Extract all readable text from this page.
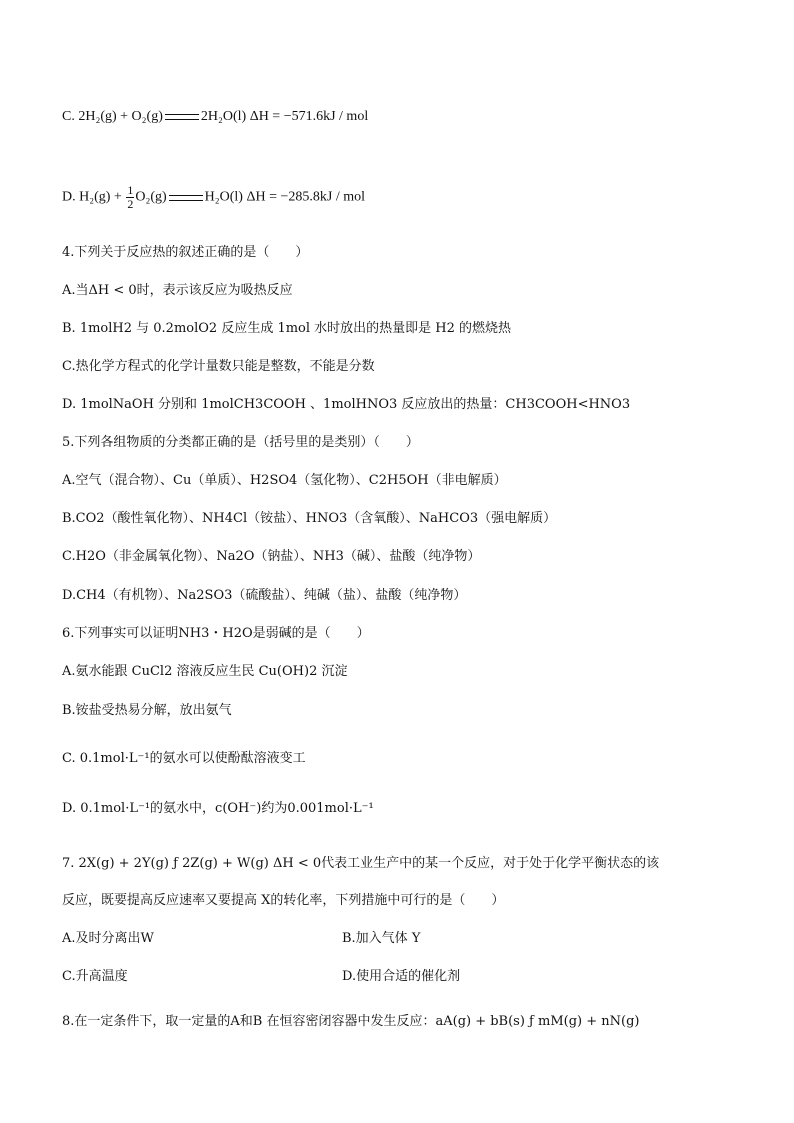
C. 2H₂(g) + O₂(g)	2H₂O(l) ΔH = −571.6kJ / mol
D. $H_2(g) + \frac{1}{2} O_2(g)$	H₂O(l) ΔH = −285.8kJ / mol
4.下列关于反应热的叙述正确的是（　　）
A.当ΔH < 0时，表示该反应为吸热反应
B. 1molH2 与 0.2molO2 反应生成 1mol 水时放出的热量即是 H2 的燃烧热
C.热化学方程式的化学计量数只能是整数，不能是分数
D. 1molNaOH 分别和 1molCH3COOH 、1molHNO3 反应放出的热量：CH3COOH<HNO3
5.下列各组物质的分类都正确的是（括号里的是类别）（　　）
A.空气（混合物）、Cu（单质）、H2SO4（氢化物）、C2H5OH（非电解质）
B.CO2（酸性氧化物）、NH4Cl（铵盐）、HNO3（含氧酸）、NaHCO3（强电解质）
C.H2O（非金属氧化物）、Na2O（钠盐）、NH3（碱）、盐酸（纯净物）
D.CH4（有机物）、Na2SO3（硫酸盐）、纯碱（盐）、盐酸（纯净物）
6.下列事实可以证明NH3・H2O是弱碱的是（　　）
A.氨水能跟 CuCl2 溶液反应生民 Cu(OH)2 沉淀
B.铵盐受热易分解，放出氨气
C. 0.1mol·L⁻¹的氨水可以使酚酞溶液变工
D. 0.1mol·L⁻¹的氨水中，c(OH⁻)约为0.001mol·L⁻¹
7. 2X(g) + 2Y(g) ƒ 2Z(g) + W(g) ΔH < 0代表工业生产中的某一个反应，对于处于化学平衡状态的该
反应，既要提高反应速率又要提高 X的转化率，下列措施中可行的是（　　）
A.及时分离出W	B.加入气体 Y
C.升高温度	D.使用合适的催化剂
8.在一定条件下，取一定量的A和B 在恒容密闭容器中发生反应：aA(g) + bB(s) ƒ mM(g) + nN(g)
